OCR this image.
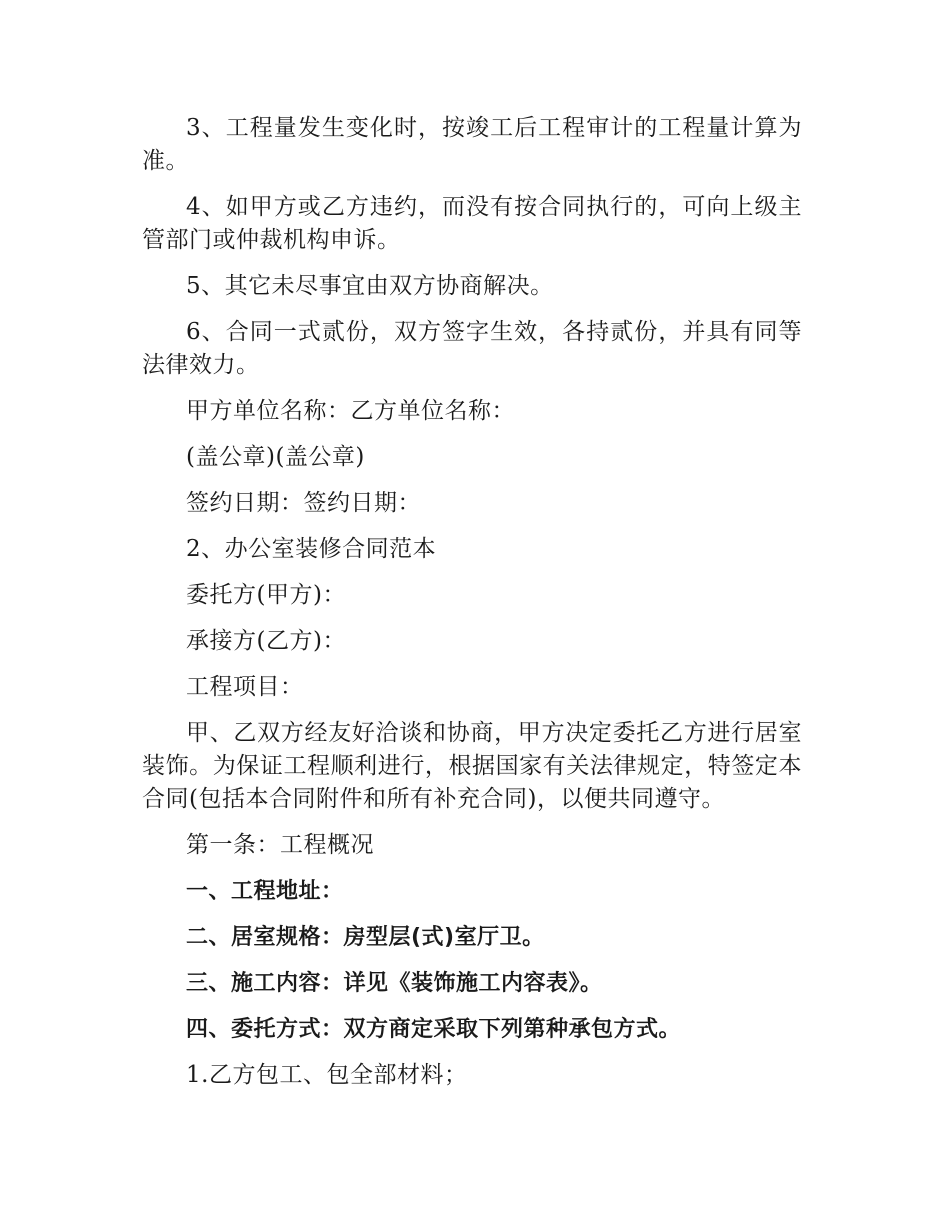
3、工程量发生变化时，按竣工后工程审计的工程量计算为准。

4、如甲方或乙方违约，而没有按合同执行的，可向上级主管部门或仲裁机构申诉。

5、其它未尽事宜由双方协商解决。

6、合同一式贰份，双方签字生效，各持贰份，并具有同等法律效力。

甲方单位名称：乙方单位名称：

(盖公章)(盖公章)

签约日期：签约日期：

2、办公室装修合同范本

委托方(甲方)：

承接方(乙方)：

工程项目：

甲、乙双方经友好洽谈和协商，甲方决定委托乙方进行居室装饰。为保证工程顺利进行，根据国家有关法律规定，特签定本合同(包括本合同附件和所有补充合同)，以便共同遵守。

第一条：工程概况

一、工程地址：

二、居室规格：房型层(式)室厅卫。

三、施工内容：详见《装饰施工内容表》。

四、委托方式：双方商定采取下列第种承包方式。

1.乙方包工、包全部材料；
